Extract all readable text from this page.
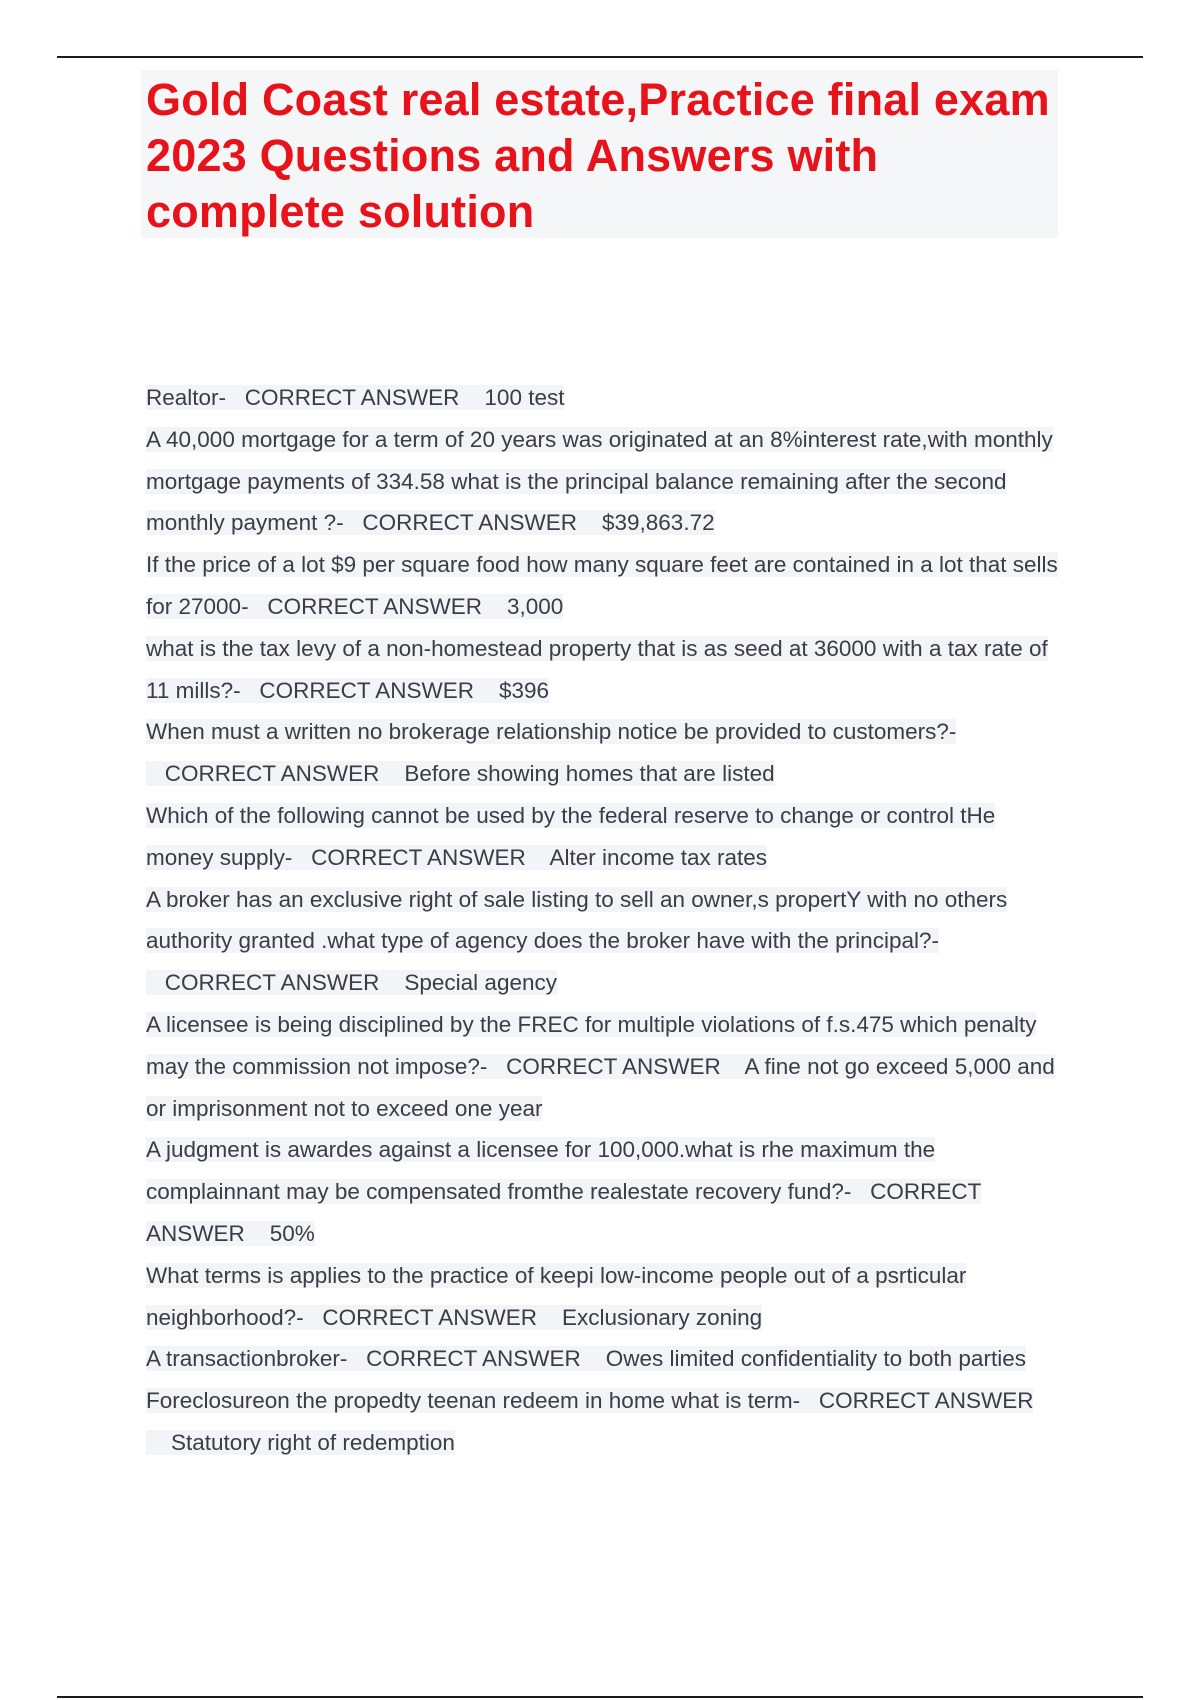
Gold Coast real estate,Practice final exam 2023 Questions and Answers with complete solution

Realtor- CORRECT ANSWER 100 test

A 40,000 mortgage for a term of 20 years was originated at an 8%interest rate,with monthly mortgage payments of 334.58 what is the principal balance remaining after the second monthly payment ?- CORRECT ANSWER $39,863.72

If the price of a lot $9 per square food how many square feet are contained in a lot that sells for 27000- CORRECT ANSWER 3,000

what is the tax levy of a non-homestead property that is as seed at 36000 with a tax rate of 11 mills?- CORRECT ANSWER $396

When must a written no brokerage relationship notice be provided to customers?-   CORRECT ANSWER Before showing homes that are listed

Which of the following cannot be used by the federal reserve to change or control tHe money supply- CORRECT ANSWER Alter income tax rates

A broker has an exclusive right of sale listing to sell an owner,s propertY with no others authority granted .what type of agency does the broker have with the principal?-   CORRECT ANSWER Special agency

A licensee is being disciplined by the FREC for multiple violations of f.s.475 which penalty may the commission not impose?- CORRECT ANSWER A fine not go exceed 5,000 and or imprisonment not to exceed one year

A judgment is awardes against a licensee for 100,000.what is rhe maximum the complainnant may be compensated fromthe realestate recovery fund?- CORRECT ANSWER 50%

What terms is applies to the practice of keepi low-income people out of a psrticular neighborhood?- CORRECT ANSWER Exclusionary zoning

A transactionbroker- CORRECT ANSWER Owes limited confidentiality to both parties

Foreclosureon the propedty teenan redeem in home what is term- CORRECT ANSWER    Statutory right of redemption
